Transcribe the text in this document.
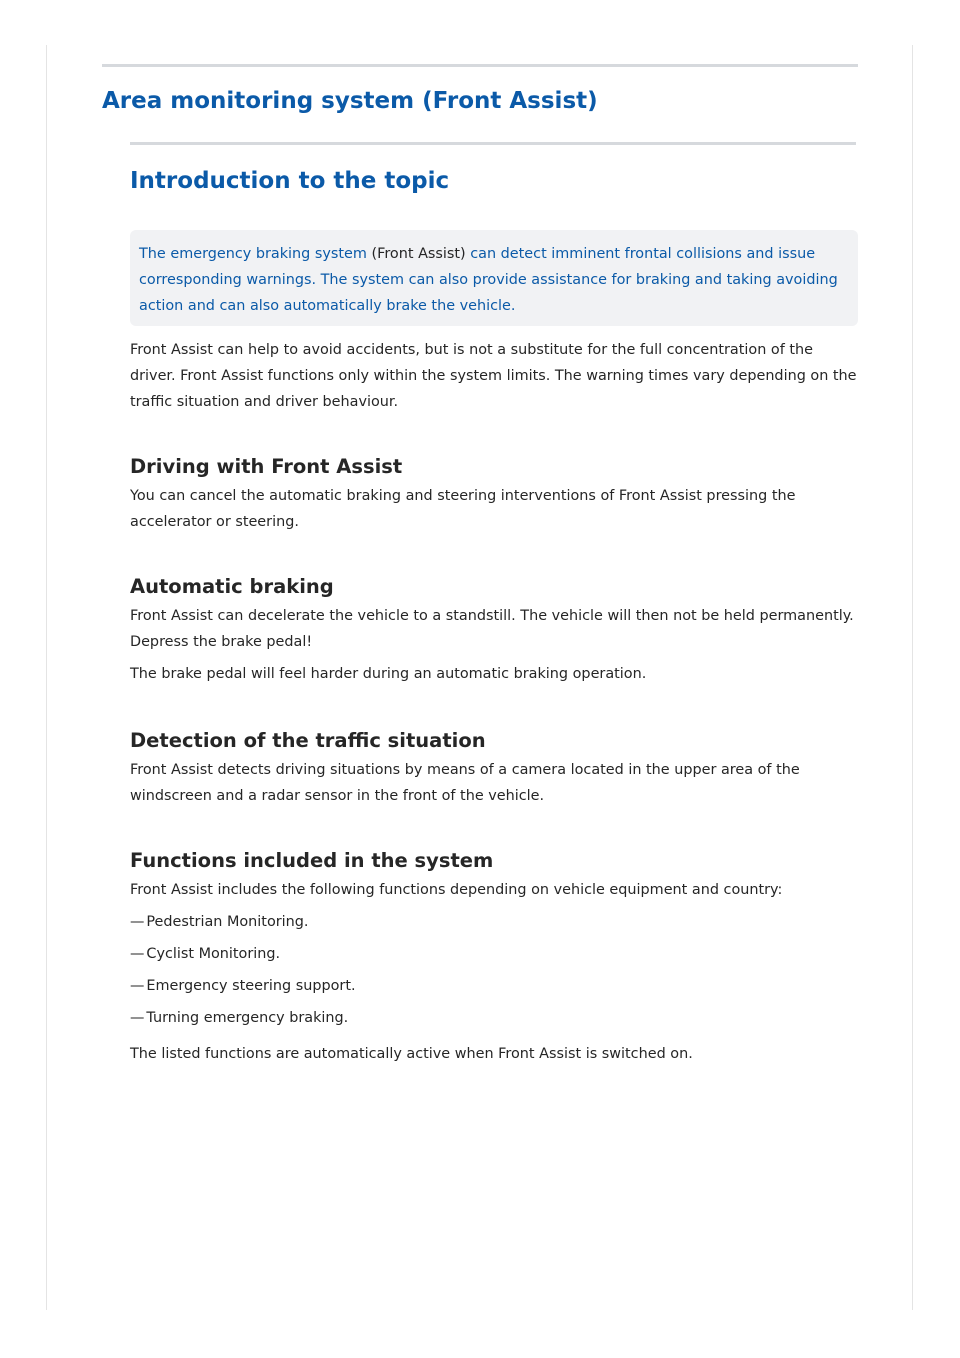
Area monitoring system (Front Assist)
Introduction to the topic
The emergency braking system (Front Assist) can detect imminent frontal collisions and issue corresponding warnings. The system can also provide assistance for braking and taking avoiding action and can also automatically brake the vehicle.

Front Assist can help to avoid accidents, but is not a substitute for the full concentration of the driver. Front Assist functions only within the system limits. The warning times vary depending on the traffic situation and driver behaviour.

Driving with Front Assist

You can cancel the automatic braking and steering interventions of Front Assist pressing the accelerator or steering.

Automatic braking

Front Assist can decelerate the vehicle to a standstill. The vehicle will then not be held permanently. Depress the brake pedal!

The brake pedal will feel harder during an automatic braking operation.

Detection of the traffic situation

Front Assist detects driving situations by means of a camera located in the upper area of the windscreen and a radar sensor in the front of the vehicle.

Functions included in the system

Front Assist includes the following functions depending on vehicle equipment and country:

— Pedestrian Monitoring.

— Cyclist Monitoring.

— Emergency steering support.

— Turning emergency braking.

The listed functions are automatically active when Front Assist is switched on.
